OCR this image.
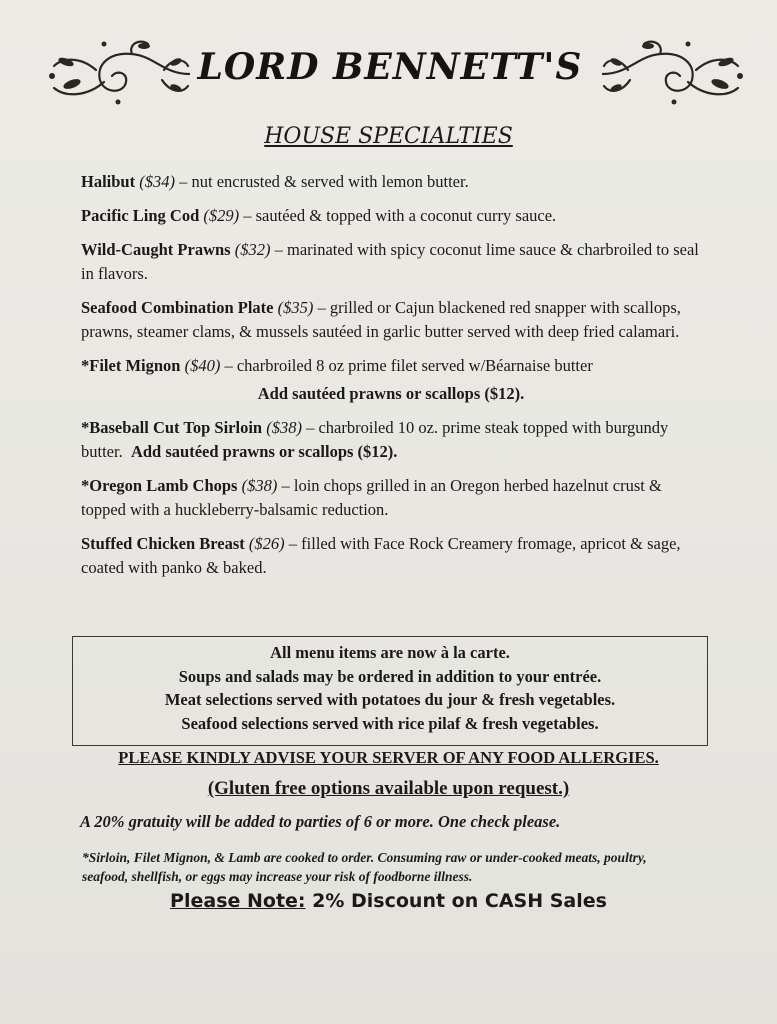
LORD BENNETT'S
HOUSE SPECIALTIES
Halibut ($34) – nut encrusted & served with lemon butter.
Pacific Ling Cod ($29) – sautéed & topped with a coconut curry sauce.
Wild-Caught Prawns ($32) – marinated with spicy coconut lime sauce & charbroiled to seal in flavors.
Seafood Combination Plate ($35) – grilled or Cajun blackened red snapper with scallops, prawns, steamer clams, & mussels sautéed in garlic butter served with deep fried calamari.
*Filet Mignon ($40) – charbroiled 8 oz prime filet served w/Béarnaise butter
Add sautéed prawns or scallops ($12).
*Baseball Cut Top Sirloin ($38) – charbroiled 10 oz. prime steak topped with burgundy butter.  Add sautéed prawns or scallops ($12).
*Oregon Lamb Chops ($38) – loin chops grilled in an Oregon herbed hazelnut crust & topped with a huckleberry-balsamic reduction.
Stuffed Chicken Breast ($26) – filled with Face Rock Creamery fromage, apricot & sage, coated with panko & baked.
All menu items are now à la carte.
Soups and salads may be ordered in addition to your entrée.
Meat selections served with potatoes du jour & fresh vegetables.
Seafood selections served with rice pilaf & fresh vegetables.
PLEASE KINDLY ADVISE YOUR SERVER OF ANY FOOD ALLERGIES.
(Gluten free options available upon request.)
A 20% gratuity will be added to parties of 6 or more. One check please.
*Sirloin, Filet Mignon, & Lamb are cooked to order. Consuming raw or under-cooked meats, poultry, seafood, shellfish, or eggs may increase your risk of foodborne illness.
Please Note: 2% Discount on CASH Sales
